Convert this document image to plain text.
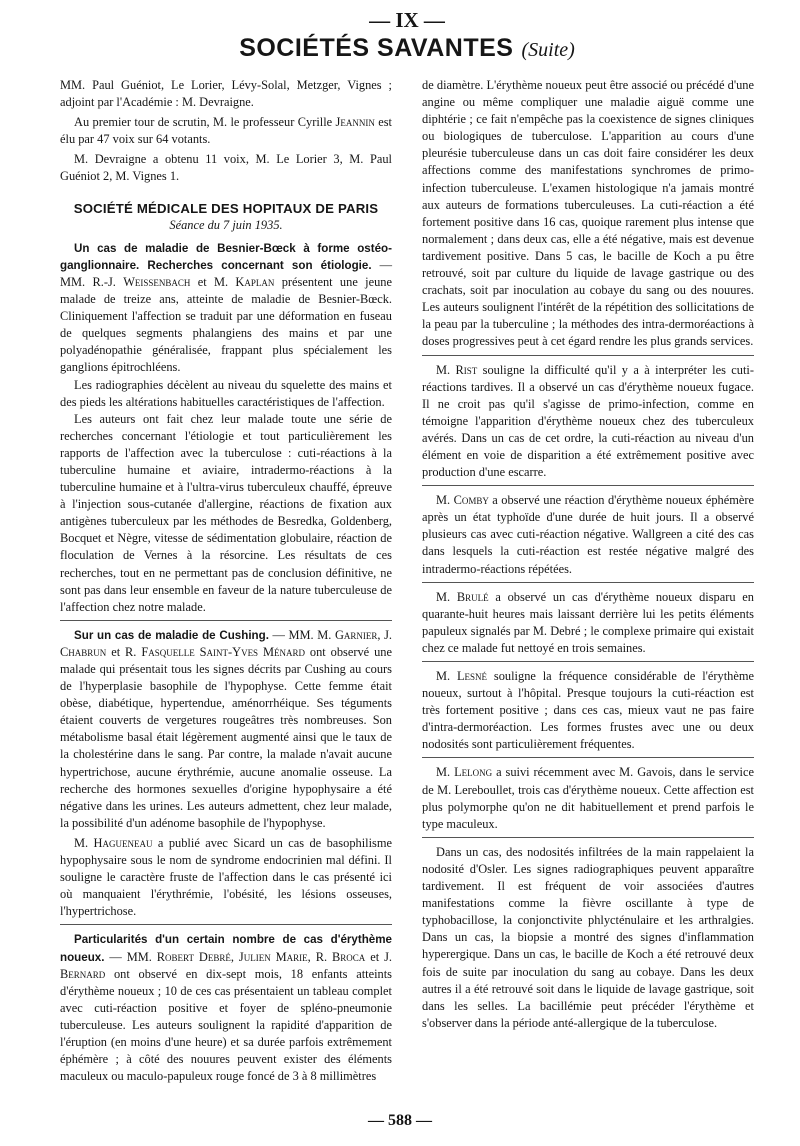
— IX —
SOCIÉTÉS SAVANTES (Suite)

MM. Paul Guéniot, Le Lorier, Lévy-Solal, Metzger, Vignes ; adjoint par l'Académie : M. Devraigne.

Au premier tour de scrutin, M. le professeur Cyrille Jeannin est élu par 47 voix sur 64 votants.

M. Devraigne a obtenu 11 voix, M. Le Lorier 3, M. Paul Guéniot 2, M. Vignes 1.

SOCIÉTÉ MÉDICALE DES HOPITAUX DE PARIS
Séance du 7 juin 1935.

Un cas de maladie de Besnier-Bœck à forme ostéo-ganglionnaire. Recherches concernant son étiologie. — MM. R.-J. Weissenbach et M. Kaplan présentent une jeune malade de treize ans, atteinte de maladie de Besnier-Bœck. Cliniquement l'affection se traduit par une déformation en fuseau de quelques segments phalangiens des mains et par une polyadénopathie généralisée, frappant plus spécialement les ganglions épitrochléens.
Les radiographies décèlent au niveau du squelette des mains et des pieds les altérations habituelles caractéristiques de l'affection.
Les auteurs ont fait chez leur malade toute une série de recherches concernant l'étiologie et tout particulièrement les rapports de l'affection avec la tuberculose : cuti-réactions à la tuberculine humaine et aviaire, intradermo-réactions à la tuberculine humaine et à l'ultra-virus tuberculeux chauffé, épreuve à l'injection sous-cutanée d'allergine, réactions de fixation aux antigènes tuberculeux par les méthodes de Besredka, Goldenberg, Bocquet et Nègre, vitesse de sédimentation globulaire, réaction de floculation de Vernes à la résorcine. Les résultats de ces recherches, tout en ne permettant pas de conclusion définitive, ne sont pas dans leur ensemble en faveur de la nature tuberculeuse de l'affection chez notre malade.

Sur un cas de maladie de Cushing. — MM. M. Garnier, J. Chabrun et R. Fasquelle Saint-Yves Ménard ont observé une malade qui présentait tous les signes décrits par Cushing au cours de l'hyperplasie basophile de l'hypophyse. Cette femme était obèse, diabétique, hypertendue, aménorrhéique. Ses téguments étaient couverts de vergetures rougeâtres très nombreuses. Son métabolisme basal était légèrement augmenté ainsi que le taux de la cholestérine dans le sang. Par contre, la malade n'avait aucune hypertrichose, aucune érythrémie, aucune anomalie osseuse. La recherche des hormones sexuelles d'origine hypophysaire a été négative dans les urines. Les auteurs admettent, chez leur malade, la possibilité d'un adénome basophile de l'hypophyse.

M. Hagueneau a publié avec Sicard un cas de basophilisme hypophysaire sous le nom de syndrome endocrinien mal défini. Il souligne le caractère fruste de l'affection dans le cas présenté ici où manquaient l'érythrémie, l'obésité, les lésions osseuses, l'hypertrichose.

Particularités d'un certain nombre de cas d'érythème noueux. — MM. Robert Debré, Julien Marie, R. Broca et J. Bernard ont observé en dix-sept mois, 18 enfants atteints d'érythème noueux ; 10 de ces cas présentaient un tableau complet avec cuti-réaction positive et foyer de spléno-pneumonie tuberculeuse. Les auteurs soulignent la rapidité d'apparition de l'éruption (en moins d'une heure) et sa durée parfois extrêmement éphémère ; à côté des nouures peuvent exister des éléments maculeux ou maculo-papuleux rouge foncé de 3 à 8 millimètres

de diamètre. L'érythème noueux peut être associé ou précédé d'une angine ou même compliquer une maladie aiguë comme une diphtérie ; ce fait n'empêche pas la coexistence de signes cliniques ou biologiques de tuberculose. L'apparition au cours d'une pleurésie tuberculeuse dans un cas doit faire considérer les deux affections comme des manifestations synchromes de primo-infection tuberculeuse. L'examen histologique n'a jamais montré aux auteurs de formations tuberculeuses. La cuti-réaction a été fortement positive dans 16 cas, quoique rarement plus intense que normalement ; dans deux cas, elle a été négative, mais est devenue tardivement positive. Dans 5 cas, le bacille de Koch a pu être retrouvé, soit par culture du liquide de lavage gastrique ou des crachats, soit par inoculation au cobaye du sang ou des nouures. Les auteurs soulignent l'intérêt de la répétition des sollicitations de la peau par la tuberculine ; la méthodes des intra-dermoréactions à doses progressives peut à cet égard rendre les plus grands services.

M. Rist souligne la difficulté qu'il y a à interpréter les cuti-réactions tardives. Il a observé un cas d'érythème noueux fugace. Il ne croit pas qu'il s'agisse de primo-infection, comme en témoigne l'apparition d'érythème noueux chez des tuberculeux avérés. Dans un cas de cet ordre, la cuti-réaction au niveau d'un élément en voie de disparition a été extrêmement positive avec production d'une escarre.

M. Comby a observé une réaction d'érythème noueux éphémère après un état typhoïde d'une durée de huit jours. Il a observé plusieurs cas avec cuti-réaction négative. Wallgreen a cité des cas dans lesquels la cuti-réaction est restée négative malgré des intradermo-réactions répétées.

M. Brulé a observé un cas d'érythème noueux disparu en quarante-huit heures mais laissant derrière lui les petits éléments papuleux signalés par M. Debré ; le complexe primaire qui existait chez ce malade fut nettoyé en trois semaines.

M. Lesné souligne la fréquence considérable de l'érythème noueux, surtout à l'hôpital. Presque toujours la cuti-réaction est très fortement positive ; dans ces cas, mieux vaut ne pas faire d'intra-dermoréaction. Les formes frustes avec une ou deux nodosités sont particulièrement fréquentes.

M. Lelong a suivi récemment avec M. Gavois, dans le service de M. Lereboullet, trois cas d'érythème noueux. Cette affection est plus polymorphe qu'on ne dit habituellement et prend parfois le type maculeux.

Dans un cas, des nodosités infiltrées de la main rappelaient la nodosité d'Osler. Les signes radiographiques peuvent apparaître tardivement. Il est fréquent de voir associées d'autres manifestations comme la fièvre oscillante à type de typhobacillose, la conjonctivite phlycténulaire et les arthralgies. Dans un cas, la biopsie a montré des signes d'inflammation hyperergique. Dans un cas, le bacille de Koch a été retrouvé deux fois de suite par inoculation du sang au cobaye. Dans les deux autres il a été retrouvé soit dans le liquide de lavage gastrique, soit dans les selles. La bacillémie peut précéder l'érythème et s'observer dans la période anté-allergique de la tuberculose.

— 588 —
